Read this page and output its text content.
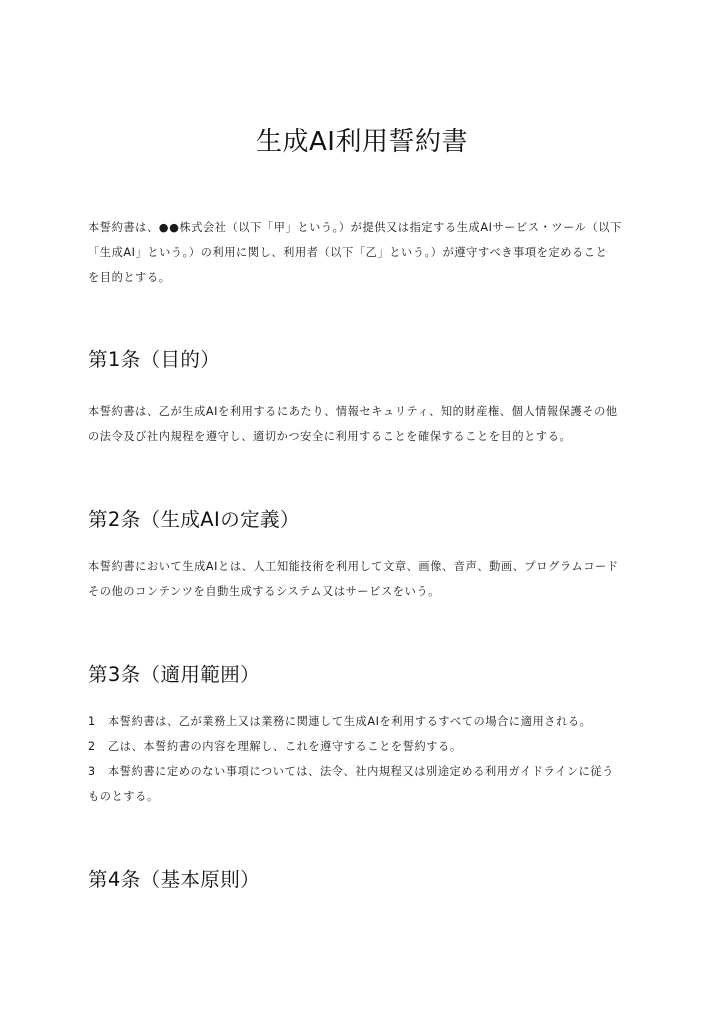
生成AI利用誓約書
本誓約書は、●●株式会社（以下「甲」という。）が提供又は指定する生成AIサービス・ツール（以下
「生成AI」という。）の利用に関し、利用者（以下「乙」という。）が遵守すべき事項を定めること
を目的とする。
第1条（目的）
本誓約書は、乙が生成AIを利用するにあたり、情報セキュリティ、知的財産権、個人情報保護その他
の法令及び社内規程を遵守し、適切かつ安全に利用することを確保することを目的とする。
第2条（生成AIの定義）
本誓約書において生成AIとは、人工知能技術を利用して文章、画像、音声、動画、プログラムコード
その他のコンテンツを自動生成するシステム又はサービスをいう。
第3条（適用範囲）
1 本誓約書は、乙が業務上又は業務に関連して生成AIを利用するすべての場合に適用される。
2 乙は、本誓約書の内容を理解し、これを遵守することを誓約する。
3 本誓約書に定めのない事項については、法令、社内規程又は別途定める利用ガイドラインに従う
ものとする。
第4条（基本原則）
